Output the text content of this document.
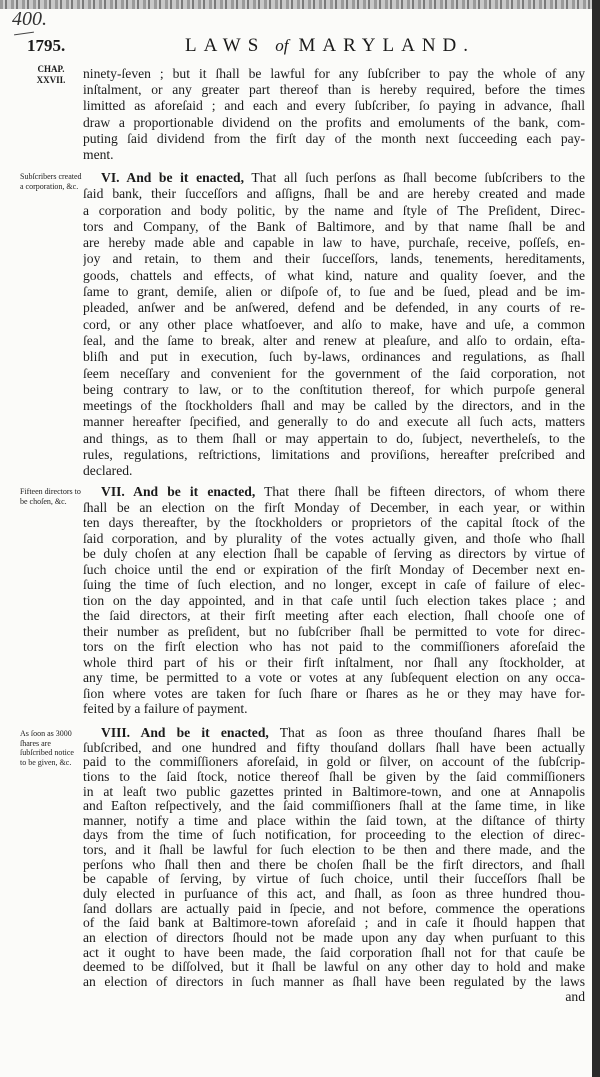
400.
1795.	LAWS of MARYLAND.
CHAP.
XXVII.	ninety-ſeven ; but it ſhall be lawful for any ſubſcriber to pay the whole of any
inſtalment, or any greater part thereof than is hereby required, before the times
limitted as aforeſaid ; and each and every ſubſcriber, ſo paying in advance, ſhall
draw a proportionable dividend on the profits and emoluments of the bank, com-
puting ſaid dividend from the firſt day of the month next ſucceeding each pay-
ment.
VI. And be it enacted, That all ſuch perſons as ſhall become ſubſcribers to the
ſaid bank, their ſucceſſors and aſſigns, ſhall be and are hereby created and made
a corporation and body politic, by the name and ſtyle of The Preſident, Direc-
tors and Company, of the Bank of Baltimore, and by that name ſhall be and
are hereby made able and capable in law to have, purchaſe, receive, poſſeſs, en-
joy and retain, to them and their ſucceſſors, lands, tenements, hereditaments,
goods, chattels and effects, of what kind, nature and quality ſoever, and the
ſame to grant, demiſe, alien or diſpoſe of, to ſue and be ſued, plead and be im-
pleaded, anſwer and be anſwered, defend and be defended, in any courts of re-
cord, or any other place whatſoever, and alſo to make, have and uſe, a common
ſeal, and the ſame to break, alter and renew at pleaſure, and alſo to ordain, eſta-
bliſh and put in execution, ſuch by-laws, ordinances and regulations, as ſhall
ſeem neceſſary and convenient for the government of the ſaid corporation, not
being contrary to law, or to the conſtitution thereof, for which purpoſe general
meetings of the ſtockholders ſhall and may be called by the directors, and in the
manner hereafter ſpecified, and generally to do and execute all ſuch acts, matters
and things, as to them ſhall or may appertain to do, ſubject, nevertheleſs, to the
rules, regulations, reſtrictions, limitations and proviſions, hereafter preſcribed and
declared.
Subſcribers created a corporation, &c.
VII. And be it enacted, That there ſhall be fifteen directors, of whom there
ſhall be an election on the firſt Monday of December, in each year, or within
ten days thereafter, by the ſtockholders or proprietors of the capital ſtock of the
ſaid corporation, and by plurality of the votes actually given, and thoſe who ſhall
be duly choſen at any election ſhall be capable of ſerving as directors by virtue of
ſuch choice until the end or expiration of the firſt Monday of December next en-
ſuing the time of ſuch election, and no longer, except in caſe of failure of elec-
tion on the day appointed, and in that caſe until ſuch election takes place ; and
the ſaid directors, at their firſt meeting after each election, ſhall chooſe one of
their number as preſident, but no ſubſcriber ſhall be permitted to vote for direc-
tors on the firſt election who has not paid to the commiſſioners aforeſaid the
whole third part of his or their firſt inſtalment, nor ſhall any ſtockholder, at
any time, be permitted to a vote or votes at any ſubſequent election on any occa-
ſion where votes are taken for ſuch ſhare or ſhares as he or they may have for-
feited by a failure of payment.
Fifteen directors to be choſen, &c.
VIII. And be it enacted, That as ſoon as three thouſand ſhares ſhall be
ſubſcribed, and one hundred and fifty thouſand dollars ſhall have been actually
paid to the commiſſioners aforeſaid, in gold or ſilver, on account of the ſubſcrip-
tions to the ſaid ſtock, notice thereof ſhall be given by the ſaid commiſſioners
in at leaſt two public gazettes printed in Baltimore-town, and one at Annapolis
and Eaſton reſpectively, and the ſaid commiſſioners ſhall at the ſame time, in like
manner, notify a time and place within the ſaid town, at the diſtance of thirty
days from the time of ſuch notification, for proceeding to the election of direc-
tors, and it ſhall be lawful for ſuch election to be then and there made, and the
perſons who ſhall then and there be choſen ſhall be the firſt directors, and ſhall
be capable of ſerving, by virtue of ſuch choice, until their ſucceſſors ſhall be
duly elected in purſuance of this act, and ſhall, as ſoon as three hundred thou-
ſand dollars are actually paid in ſpecie, and not before, commence the operations
of the ſaid bank at Baltimore-town aforeſaid ; and in caſe it ſhould happen that
an election of directors ſhould not be made upon any day when purſuant to this
act it ought to have been made, the ſaid corporation ſhall not for that cauſe be
deemed to be diſſolved, but it ſhall be lawful on any other day to hold and make
an election of directors in ſuch manner as ſhall have been regulated by the laws
and
As ſoon as 3000 ſhares are ſubſcribed notice to be given, &c.
